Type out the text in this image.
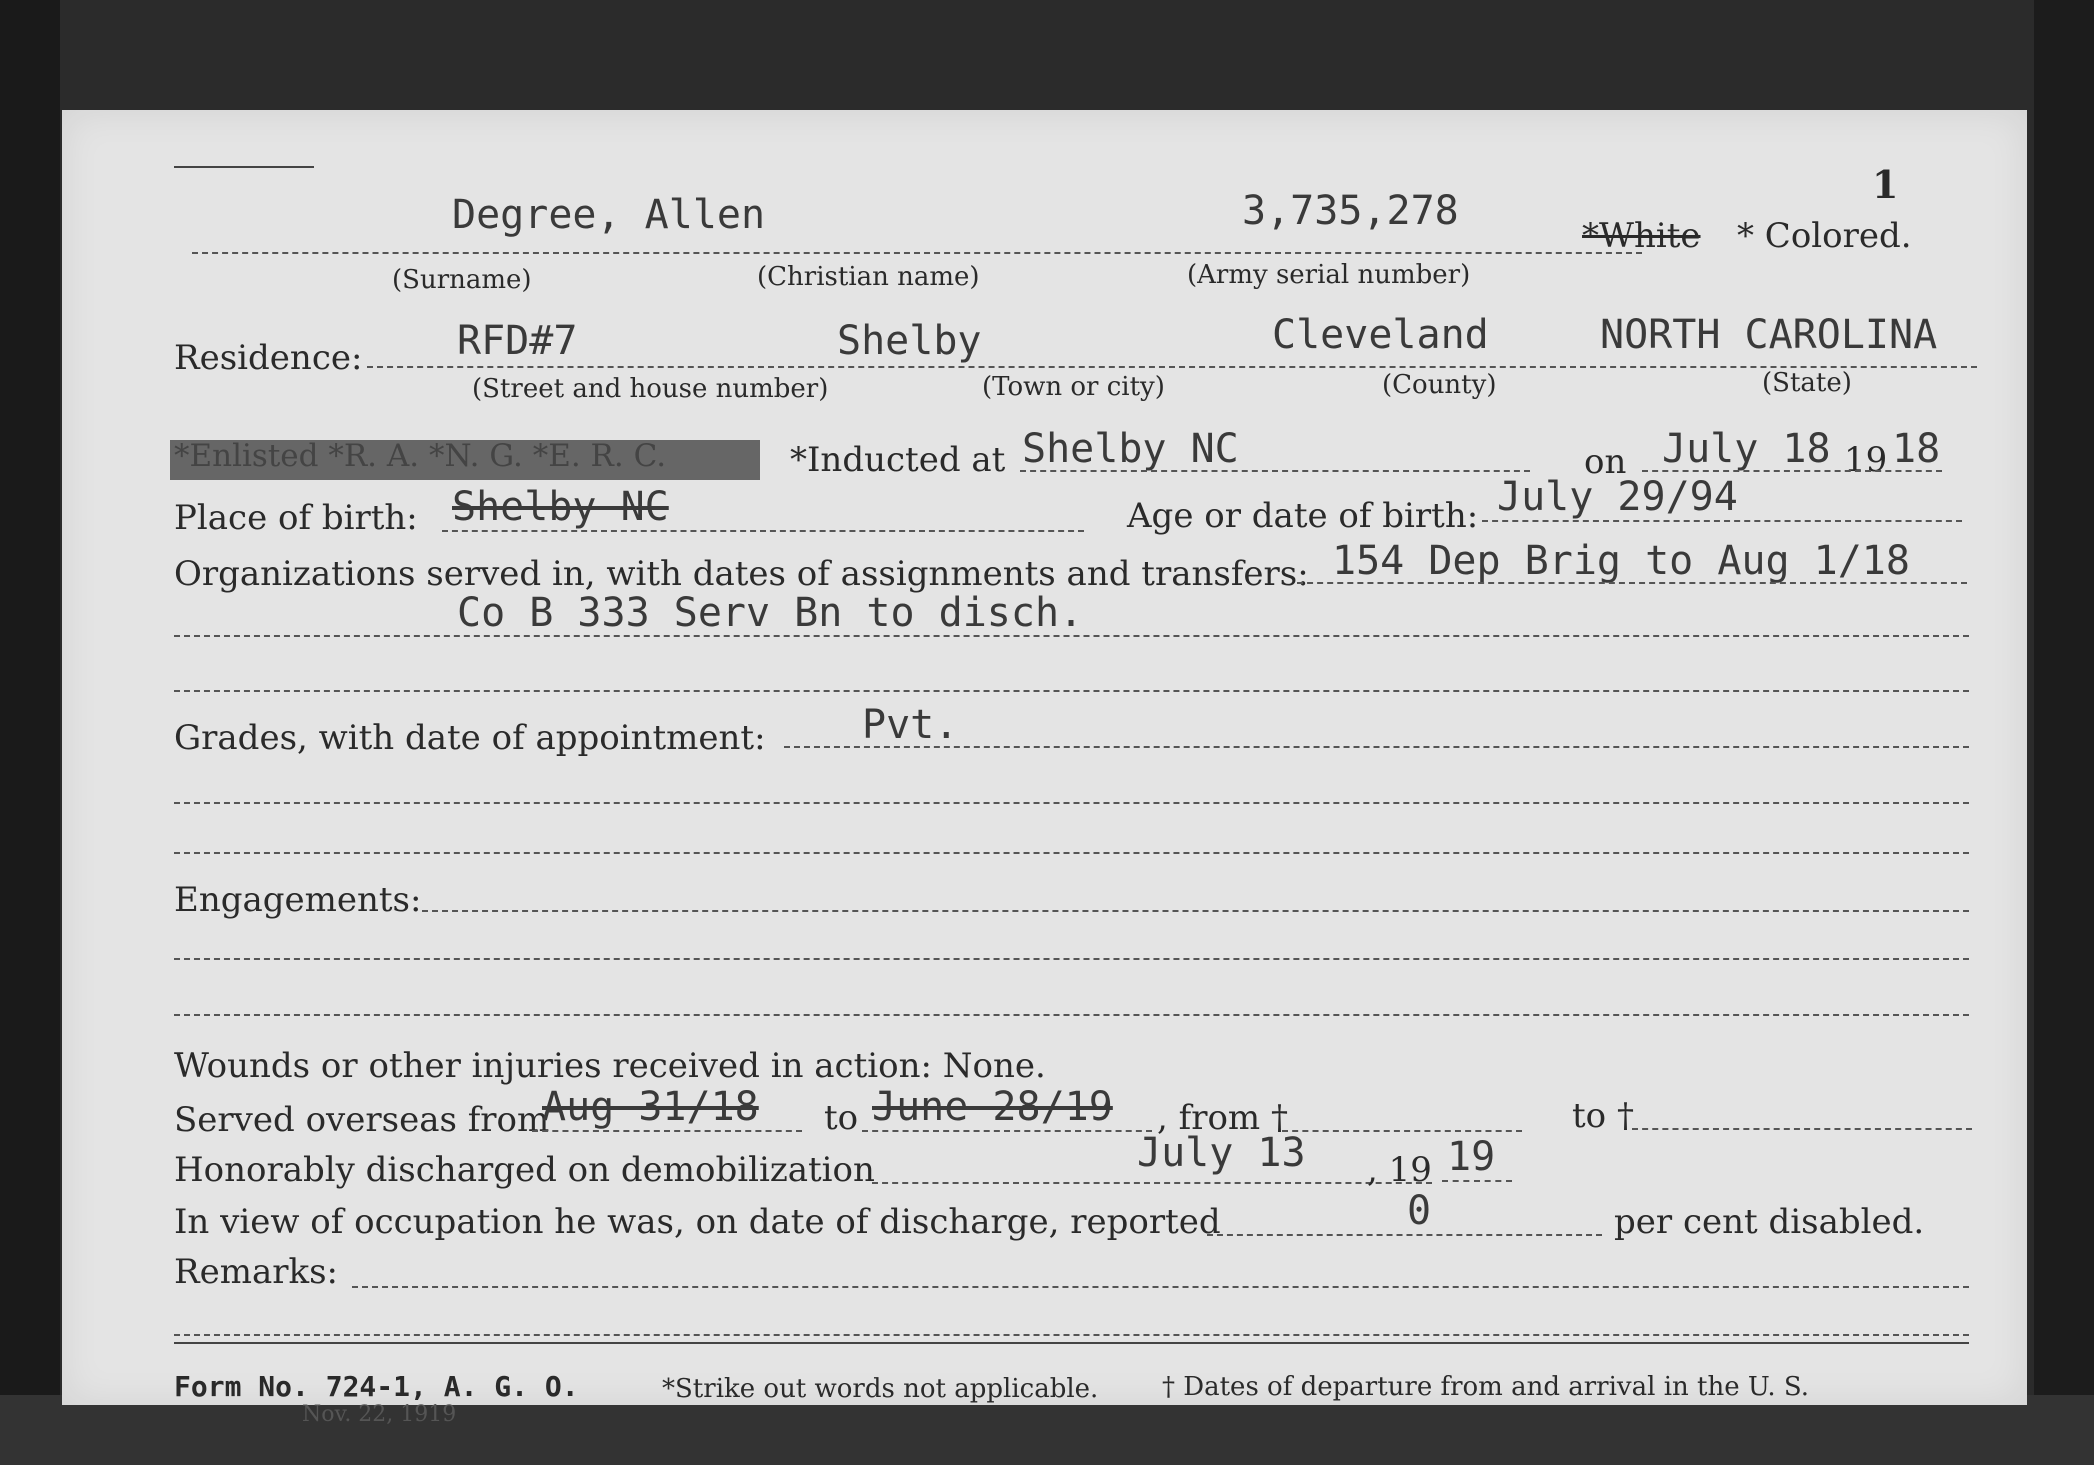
1
Degree, Allen	3,735,278
*White * Colored.
(Surname)	(Christian name)	(Army serial number)
Residence: RFD#7	Shelby	Cleveland	NORTH CAROLINA
(Street and house number)	(Town or city)	(County)	(State)
*Enlisted *R. A. *N. G. *E. R. C.	*Inducted at Shelby NC	on July 18 19 18
Place of birth: Shelby NC	Age or date of birth: July 29/94
Organizations served in, with dates of assignments and transfers: 154 Dep Brig to Aug 1/18
Co B 333 Serv Bn to disch.
Grades, with date of appointment: Pvt.
Engagements:
Wounds or other injuries received in action: None.
Served overseas from
Aug 31/18 to June 28/19 , from †	to †
Honorably discharged on demobilization	July 13 , 19 19
In view of occupation he was, on date of discharge, reported	0	per cent disabled.
Remarks:
Form No. 724-1, A. G. O.	*Strike out words not applicable. † Dates of departure from and arrival in the U. S.
